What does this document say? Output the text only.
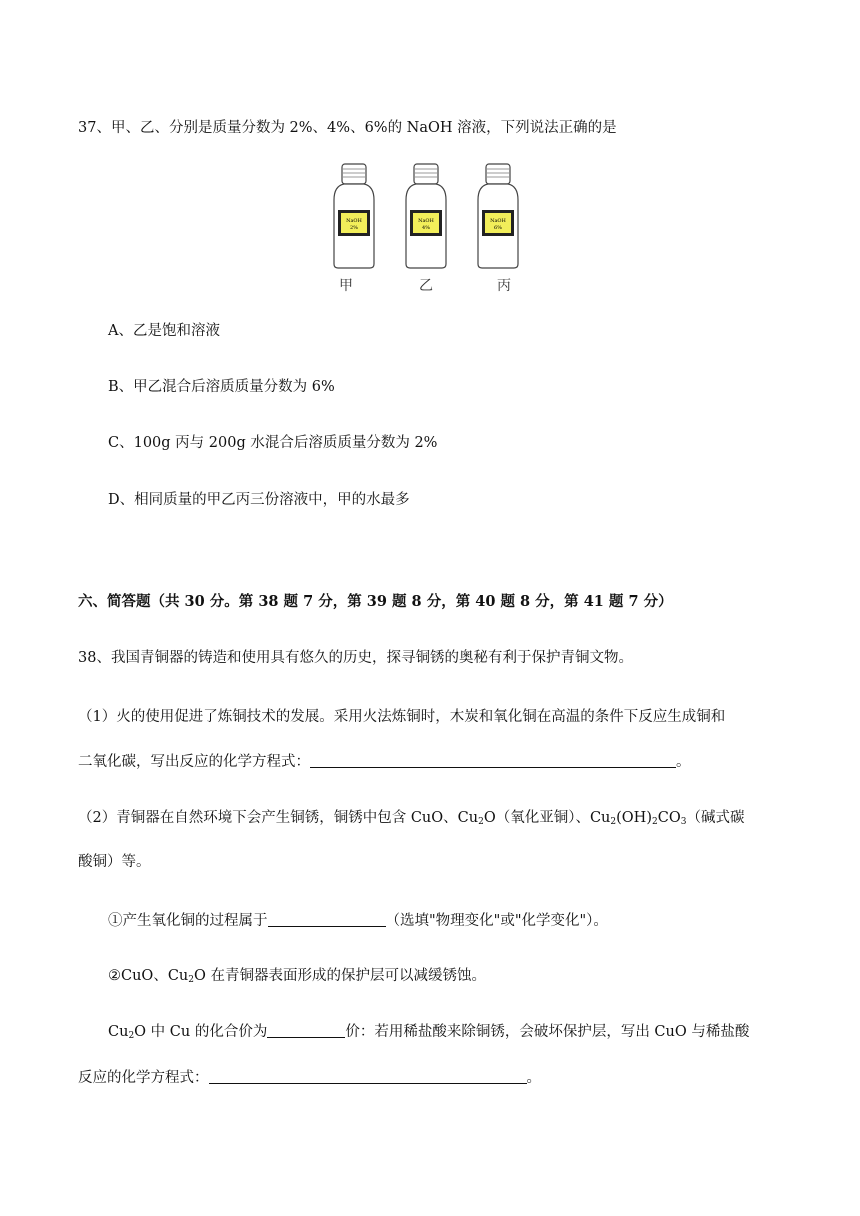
37、甲、乙、分别是质量分数为 2%、4%、6%的 NaOH 溶液，下列说法正确的是
NaOH
2%
甲
NaOH
4%
乙
NaOH
6%
丙
A、乙是饱和溶液
B、甲乙混合后溶质质量分数为 6%
C、100g 丙与 200g 水混合后溶质质量分数为 2%
D、相同质量的甲乙丙三份溶液中，甲的水最多
六、简答题（共 30 分。第 38 题 7 分，第 39 题 8 分，第 40 题 8 分，第 41 题 7 分）
38、我国青铜器的铸造和使用具有悠久的历史，探寻铜锈的奥秘有利于保护青铜文物。
（1）火的使用促进了炼铜技术的发展。采用火法炼铜时，木炭和氧化铜在高温的条件下反应生成铜和
二氧化碳，写出反应的化学方程式：	。
（2）青铜器在自然环境下会产生铜锈，铜锈中包含 CuO、$Cu_2O$（氧化亚铜）、$Cu_2(OH)_2CO_3$（碱式碳
酸铜）等。
①产生氧化铜的过程属于	（选填"物理变化"或"化学变化"）。
②CuO、$Cu_2O$ 在青铜器表面形成的保护层可以减缓锈蚀。
$Cu_2O$ 中 Cu 的化合价为	价：若用稀盐酸来除铜锈，会破坏保护层，写出 CuO 与稀盐酸
反应的化学方程式：	。
